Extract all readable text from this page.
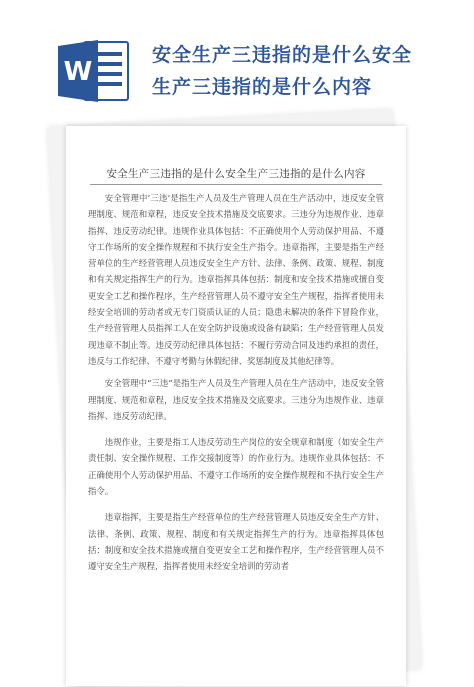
W
安全生产三违指的是什么安全
生产三违指的是什么内容
安全生产三违指的是什么安全生产三违指的是什么内容

安全管理中‘三违’是指生产人员及生产管理人员在生产活动中，违反安全管理制度、规范和章程，违反安全技术措施及交底要求。三违分为违规作业、违章指挥、违反劳动纪律。违规作业具体包括：不正确使用个人劳动保护用品、不遵守工作场所的安全操作规程和不执行安全生产指令。违章指挥，主要是指生产经营单位的生产经营管理人员违反安全生产方针、法律、条例、政策、规程、制度和有关规定指挥生产的行为。违章指挥具体包括：制度和安全技术措施或擅自变更安全工艺和操作程序，生产经营管理人员不遵守安全生产规程，指挥者使用未经安全培训的劳动者或无专门资质认证的人员；隐患未解决的条件下冒险作业，生产经营管理人员指挥工人在安全防护设施或设备有缺陷；生产经营管理人员发现违章不制止等。违反劳动纪律具体包括：不履行劳动合同及违约承担的责任，违反与工作纪律、不遵守考勤与休假纪律、奖惩制度及其他纪律等。

安全管理中“三违”是指生产人员及生产管理人员在生产活动中，违反安全管理制度、规范和章程，违反安全技术措施及交底要求。三违分为违规作业、违章指挥、违反劳动纪律。

违规作业，主要是指工人违反劳动生产岗位的安全规章和制度（如安全生产责任制、安全操作规程、工作交接制度等）的作业行为。违规作业具体包括：不正确使用个人劳动保护用品、不遵守工作场所的安全操作规程和不执行安全生产指令。

违章指挥，主要是指生产经营单位的生产经营管理人员违反安全生产方针、法律、条例、政策、规程、制度和有关规定指挥生产的行为。违章指挥具体包括：制度和安全技术措施或擅自变更安全工艺和操作程序，生产经营管理人员不遵守安全生产规程，指挥者使用未经安全培训的劳动者
